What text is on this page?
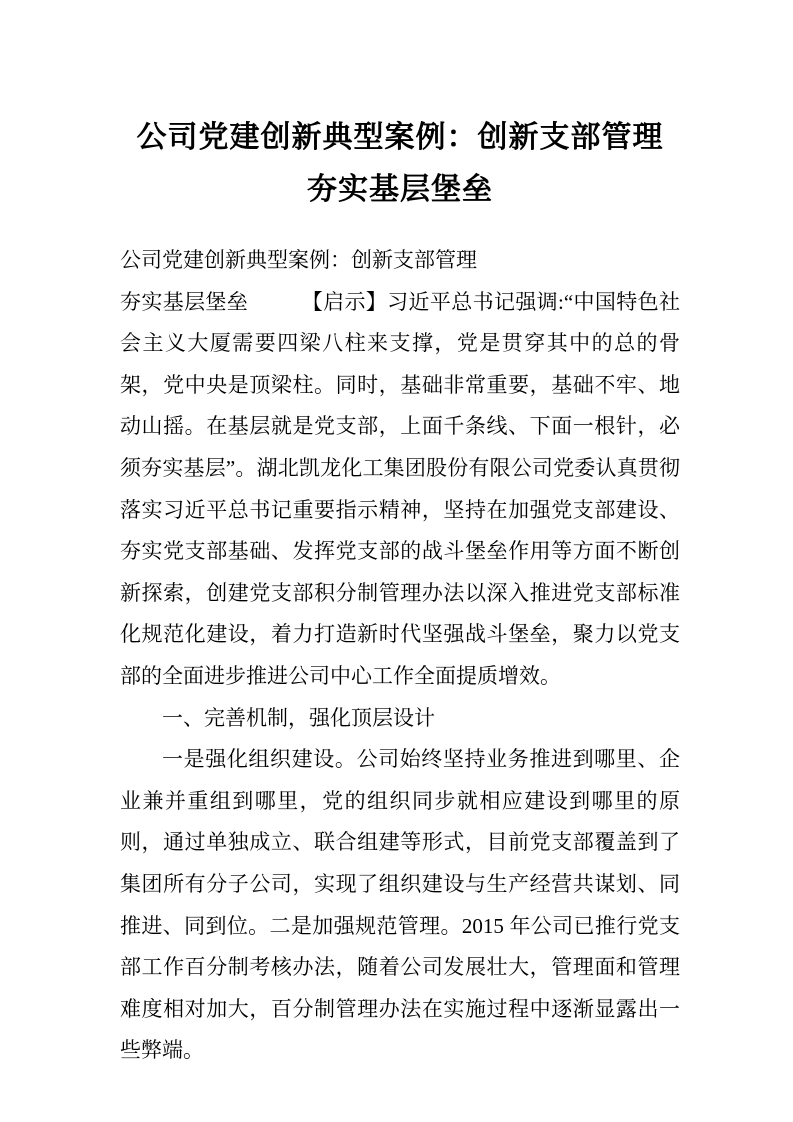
公司党建创新典型案例：创新支部管理 夯实基层堡垒

公司党建创新典型案例：创新支部管理

夯实基层堡垒　　　【启示】习近平总书记强调:“中国特色社会主义大厦需要四梁八柱来支撑，党是贯穿其中的总的骨架，党中央是顶梁柱。同时，基础非常重要，基础不牢、地动山摇。在基层就是党支部，上面千条线、下面一根针，必须夯实基层”。湖北凯龙化工集团股份有限公司党委认真贯彻落实习近平总书记重要指示精神，坚持在加强党支部建设、夯实党支部基础、发挥党支部的战斗堡垒作用等方面不断创新探索，创建党支部积分制管理办法以深入推进党支部标准化规范化建设，着力打造新时代坚强战斗堡垒，聚力以党支部的全面进步推进公司中心工作全面提质增效。

一、完善机制，强化顶层设计

一是强化组织建设。公司始终坚持业务推进到哪里、企业兼并重组到哪里，党的组织同步就相应建设到哪里的原则，通过单独成立、联合组建等形式，目前党支部覆盖到了集团所有分子公司，实现了组织建设与生产经营共谋划、同推进、同到位。二是加强规范管理。2015 年公司已推行党支部工作百分制考核办法，随着公司发展壮大，管理面和管理难度相对加大，百分制管理办法在实施过程中逐渐显露出一些弊端。
